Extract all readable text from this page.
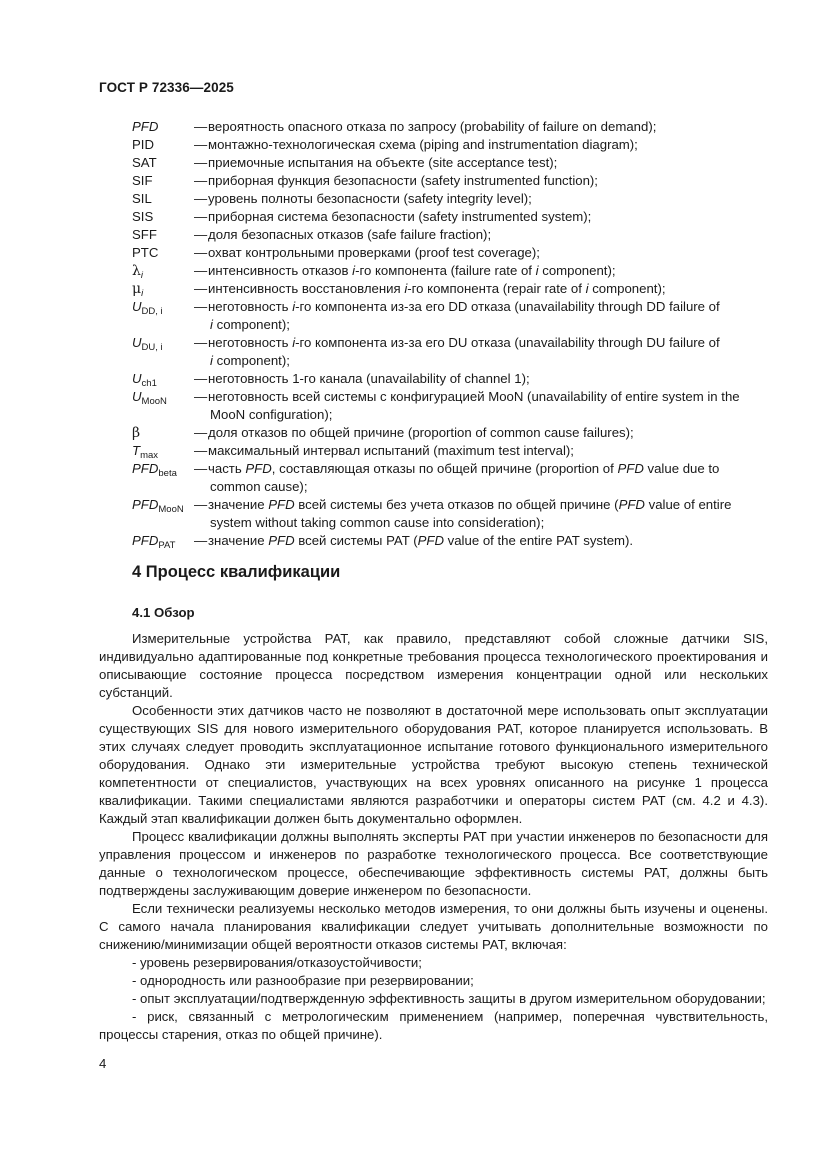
ГОСТ Р 72336—2025
PFD	—вероятность опасного отказа по запросу (probability of failure on demand);
PID	—монтажно-технологическая схема (piping and instrumentation diagram);
SAT	—приемочные испытания на объекте (site acceptance test);
SIF	—приборная функция безопасности (safety instrumented function);
SIL	—уровень полноты безопасности (safety integrity level);
SIS	—приборная система безопасности (safety instrumented system);
SFF	—доля безопасных отказов (safe failure fraction);
PTC	—охват контрольными проверками (proof test coverage);
$\lambda_i$	—интенсивность отказов i-го компонента (failure rate of i component);
$\mu_i$	—интенсивность восстановления i-го компонента (repair rate of i component);
$U_{DD, i}$	—неготовность i-го компонента из-за его DD отказа (unavailability through DD failure of
i component);
$U_{DU, i}$	—неготовность i-го компонента из-за его DU отказа (unavailability through DU failure of
i component);
$U_{ch1}$	—неготовность 1-го канала (unavailability of channel 1);
$U_{MooN}$	—неготовность всей системы с конфигурацией MooN (unavailability of entire system in the
MooN configuration);
β	—доля отказов по общей причине (proportion of common cause failures);
$T_{max}$	—максимальный интервал испытаний (maximum test interval);
$PFD_{beta}$	—часть PFD, составляющая отказы по общей причине (proportion of PFD value due to
common cause);
$PFD_{MooN}$ —значение PFD всей системы без учета отказов по общей причине (PFD value of entire
system without taking common cause into consideration);
$PFD_{PAT}$	—значение PFD всей системы PAT (PFD value of the entire PAT system).
4 Процесс квалификации
4.1 Обзор

Измерительные устройства PAT, как правило, представляют собой сложные датчики SIS, индивидуально адаптированные под конкретные требования процесса технологического проектирования и описывающие состояние процесса посредством измерения концентрации одной или нескольких субстанций.

Особенности этих датчиков часто не позволяют в достаточной мере использовать опыт эксплуатации существующих SIS для нового измерительного оборудования PAT, которое планируется использовать. В этих случаях следует проводить эксплуатационное испытание готового функционального измерительного оборудования. Однако эти измерительные устройства требуют высокую степень технической компетентности от специалистов, участвующих на всех уровнях описанного на рисунке 1 процесса квалификации. Такими специалистами являются разработчики и операторы систем PAT (см. 4.2 и 4.3). Каждый этап квалификации должен быть документально оформлен.

Процесс квалификации должны выполнять эксперты PAT при участии инженеров по безопасности для управления процессом и инженеров по разработке технологического процесса. Все соответствующие данные о технологическом процессе, обеспечивающие эффективность системы PAT, должны быть подтверждены заслуживающим доверие инженером по безопасности.

Если технически реализуемы несколько методов измерения, то они должны быть изучены и оценены. С самого начала планирования квалификации следует учитывать дополнительные возможности по снижению/минимизации общей вероятности отказов системы PAT, включая:

- уровень резервирования/отказоустойчивости;

- однородность или разнообразие при резервировании;

- опыт эксплуатации/подтвержденную эффективность защиты в другом измерительном оборудовании;

- риск, связанный с метрологическим применением (например, поперечная чувствительность, процессы старения, отказ по общей причине).

4
